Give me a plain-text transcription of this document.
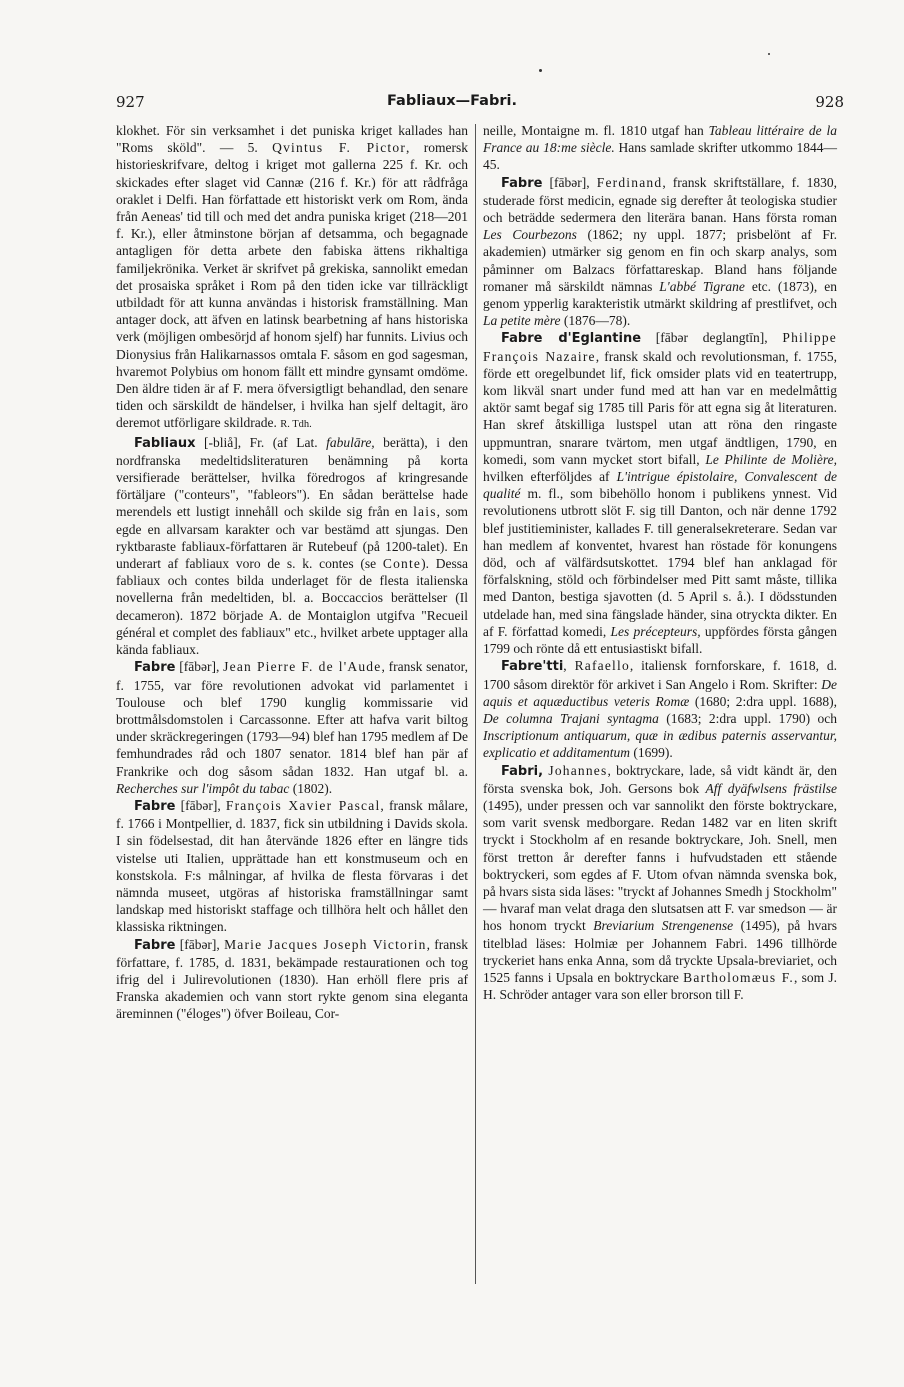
927	Fabliaux—Fabri.	928

klokhet. För sin verksamhet i det puniska kriget kallades han "Roms sköld". — 5. Qvintus F. Pictor, romersk historieskrifvare, deltog i kriget mot gallerna 225 f. Kr. och skickades efter slaget vid Cannæ (216 f. Kr.) för att rådfråga oraklet i Delfi. Han författade ett historiskt verk om Rom, ända från Aeneas' tid till och med det andra puniska kriget (218—201 f. Kr.), eller åtminstone början af detsamma, och begagnade antagligen för detta arbete den fabiska ättens rikhaltiga familjekrönika. Verket är skrifvet på grekiska, sannolikt emedan det prosaiska språket i Rom på den tiden icke var tillräckligt utbildadt för att kunna användas i historisk framställning. Man antager dock, att äfven en latinsk bearbetning af hans historiska verk (möjligen ombesörjd af honom sjelf) har funnits. Livius och Dionysius från Halikarnassos omtala F. såsom en god sagesman, hvaremot Polybius om honom fällt ett mindre gynsamt omdöme. Den äldre tiden är af F. mera öfversigtligt behandlad, den senare tiden och särskildt de händelser, i hvilka han sjelf deltagit, äro deremot utförligare skildrade. R. Tdh.

Fabliaux [-bliå], Fr. (af Lat. fabulāre, berätta), i den nordfranska medeltidsliteraturen benämning på korta versifierade berättelser, hvilka föredrogos af kringresande förtäljare ("conteurs", "fableors"). En sådan berättelse hade merendels ett lustigt innehåll och skilde sig från en lais, som egde en allvarsam karakter och var bestämd att sjungas. Den ryktbaraste fabliaux-författaren är Rutebeuf (på 1200-talet). En underart af fabliaux voro de s. k. contes (se Conte). Dessa fabliaux och contes bilda underlaget för de flesta italienska novellerna från medeltiden, bl. a. Boccaccios berättelser (Il decameron). 1872 började A. de Montaiglon utgifva "Recueil général et complet des fabliaux" etc., hvilket arbete upptager alla kända fabliaux.

Fabre [fābər], Jean Pierre F. de l'Aude, fransk senator, f. 1755, var före revolutionen advokat vid parlamentet i Toulouse och blef 1790 kunglig kommissarie vid brottmålsdomstolen i Carcassonne. Efter att hafva varit biltog under skräckregeringen (1793—94) blef han 1795 medlem af De femhundrades råd och 1807 senator. 1814 blef han pär af Frankrike och dog såsom sådan 1832. Han utgaf bl. a. Recherches sur l'impôt du tabac (1802).

Fabre [fābər], François Xavier Pascal, fransk målare, f. 1766 i Montpellier, d. 1837, fick sin utbildning i Davids skola. I sin födelsestad, dit han återvände 1826 efter en längre tids vistelse uti Italien, upprättade han ett konstmuseum och en konstskola. F:s målningar, af hvilka de flesta förvaras i det nämnda museet, utgöras af historiska framställningar samt landskap med historiskt staffage och tillhöra helt och hållet den klassiska riktningen.

Fabre [fābər], Marie Jacques Joseph Victorin, fransk författare, f. 1785, d. 1831, bekämpade restaurationen och tog ifrig del i Julirevolutionen (1830). Han erhöll flere pris af Franska akademien och vann stort rykte genom sina eleganta äreminnen ("éloges") öfver Boileau, Cor-

neille, Montaigne m. fl. 1810 utgaf han Tableau littéraire de la France au 18:me siècle. Hans samlade skrifter utkommo 1844—45.

Fabre [fābər], Ferdinand, fransk skriftställare, f. 1830, studerade först medicin, egnade sig derefter åt teologiska studier och beträdde sedermera den literära banan. Hans första roman Les Courbezons (1862; ny uppl. 1877; prisbelönt af Fr. akademien) utmärker sig genom en fin och skarp analys, som påminner om Balzacs författareskap. Bland hans följande romaner må särskildt nämnas L'abbé Tigrane etc. (1873), en genom ypperlig karakteristik utmärkt skildring af prestlifvet, och La petite mère (1876—78).

Fabre d'Eglantine [fābər deglangtīn], Philippe François Nazaire, fransk skald och revolutionsman, f. 1755, förde ett oregelbundet lif, fick omsider plats vid en teatertrupp, kom likväl snart under fund med att han var en medelmåttig aktör samt begaf sig 1785 till Paris för att egna sig åt literaturen. Han skref åtskilliga lustspel utan att röna den ringaste uppmuntran, snarare tvärtom, men utgaf ändtligen, 1790, en komedi, som vann mycket stort bifall, Le Philinte de Molière, hvilken efterföljdes af L'intrigue épistolaire, Convalescent de qualité m. fl., som bibehöllo honom i publikens ynnest. Vid revolutionens utbrott slöt F. sig till Danton, och när denne 1792 blef justitieminister, kallades F. till generalsekreterare. Sedan var han medlem af konventet, hvarest han röstade för konungens död, och af välfärdsutskottet. 1794 blef han anklagad för förfalskning, stöld och förbindelser med Pitt samt måste, tillika med Danton, bestiga sjavotten (d. 5 April s. å.). I dödsstunden utdelade han, med sina fängslade händer, sina otryckta dikter. En af F. författad komedi, Les précepteurs, uppfördes första gången 1799 och rönte då ett entusiastiskt bifall.

Fabre'tti, Rafaello, italiensk fornforskare, f. 1618, d. 1700 såsom direktör för arkivet i San Angelo i Rom. Skrifter: De aquis et aquæductibus veteris Romæ (1680; 2:dra uppl. 1688), De columna Trajani syntagma (1683; 2:dra uppl. 1790) och Inscriptionum antiquarum, quæ in ædibus paternis asservantur, explicatio et additamentum (1699).

Fabri, Johannes, boktryckare, lade, så vidt kändt är, den första svenska bok, Joh. Gersons bok Aff dyäfwlsens frästilse (1495), under pressen och var sannolikt den förste boktryckare, som varit svensk medborgare. Redan 1482 var en liten skrift tryckt i Stockholm af en resande boktryckare, Joh. Snell, men först tretton år derefter fanns i hufvudstaden ett stående boktryckeri, som egdes af F. Utom ofvan nämnda svenska bok, på hvars sista sida läses: "tryckt af Johannes Smedh j Stockholm" — hvaraf man velat draga den slutsatsen att F. var smedson — är hos honom tryckt Breviarium Strengenense (1495), på hvars titelblad läses: Holmiæ per Johannem Fabri. 1496 tillhörde tryckeriet hans enka Anna, som då tryckte Upsala-breviariet, och 1525 fanns i Upsala en boktryckare Bartholomæus F., som J. H. Schröder antager vara son eller brorson till F.
